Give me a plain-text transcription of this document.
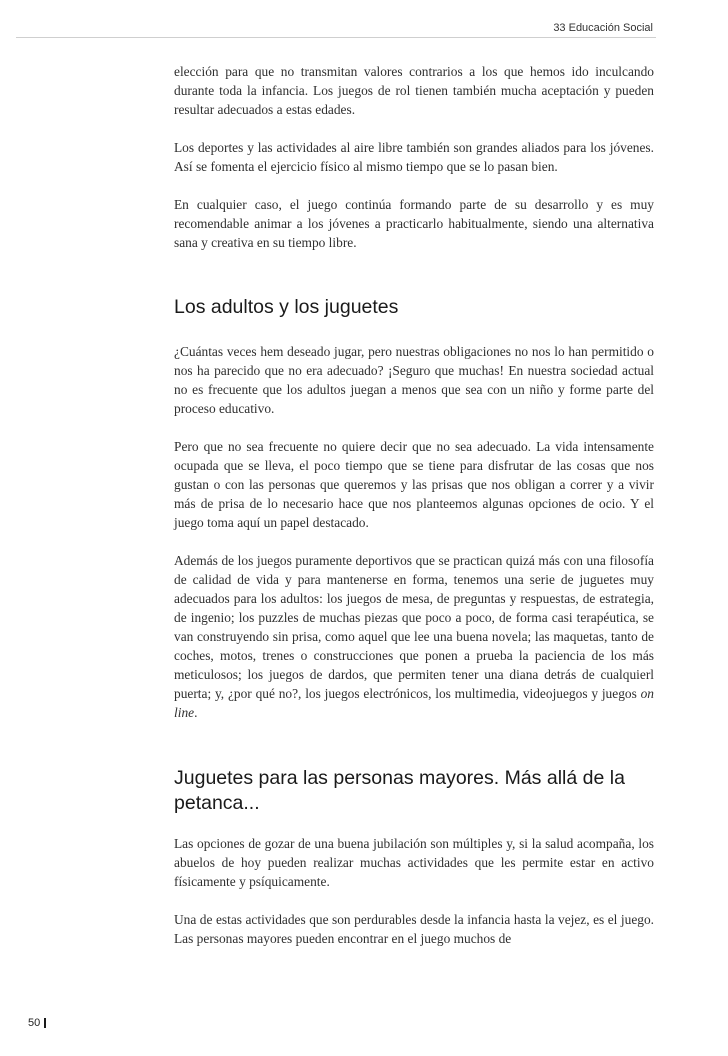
33 Educación Social

elección para que no transmitan valores contrarios a los que hemos ido inculcando durante toda la infancia. Los juegos de rol tienen también mucha aceptación y pueden resultar adecuados a estas edades.

Los deportes y las actividades al aire libre también son grandes aliados para los jóvenes. Así se fomenta el ejercicio físico al mismo tiempo que se lo pasan bien.

En cualquier caso, el juego continúa formando parte de su desarrollo y es muy recomendable animar a los jóvenes a practicarlo habitualmente, siendo una alternativa sana y creativa en su tiempo libre.

Los adultos y los juguetes

¿Cuántas veces hem deseado jugar, pero nuestras obligaciones no nos lo han permitido o nos ha parecido que no era adecuado? ¡Seguro que muchas! En nuestra sociedad actual no es frecuente que los adultos juegan a menos que sea con un niño y forme parte del proceso educativo.

Pero que no sea frecuente no quiere decir que no sea adecuado. La vida intensamente ocupada que se lleva, el poco tiempo que se tiene para disfrutar de las cosas que nos gustan o con las personas que queremos y las prisas que nos obligan a correr y a vivir más de prisa de lo necesario hace que nos planteemos algunas opciones de ocio. Y el juego toma aquí un papel destacado.

Además de los juegos puramente deportivos que se practican quizá más con una filosofía de calidad de vida y para mantenerse en forma, tenemos una serie de juguetes muy adecuados para los adultos: los juegos de mesa, de preguntas y respuestas, de estrategia, de ingenio; los puzzles de muchas piezas que poco a poco, de forma casi terapéutica, se van construyendo sin prisa, como aquel que lee una buena novela; las maquetas, tanto de coches, motos, trenes o construcciones que ponen a prueba la paciencia de los más meticulosos; los juegos de dardos, que permiten tener una diana detrás de cualquierl puerta; y, ¿por qué no?, los juegos electrónicos, los multimedia, videojuegos y juegos on line.

Juguetes para las personas mayores. Más allá de la petanca...

Las opciones de gozar de una buena jubilación son múltiples y, si la salud acompaña, los abuelos de hoy pueden realizar muchas actividades que les permite estar en activo físicamente y psíquicamente.

Una de estas actividades que son perdurables desde la infancia hasta la vejez, es el juego. Las personas mayores pueden encontrar en el juego muchos de

50
